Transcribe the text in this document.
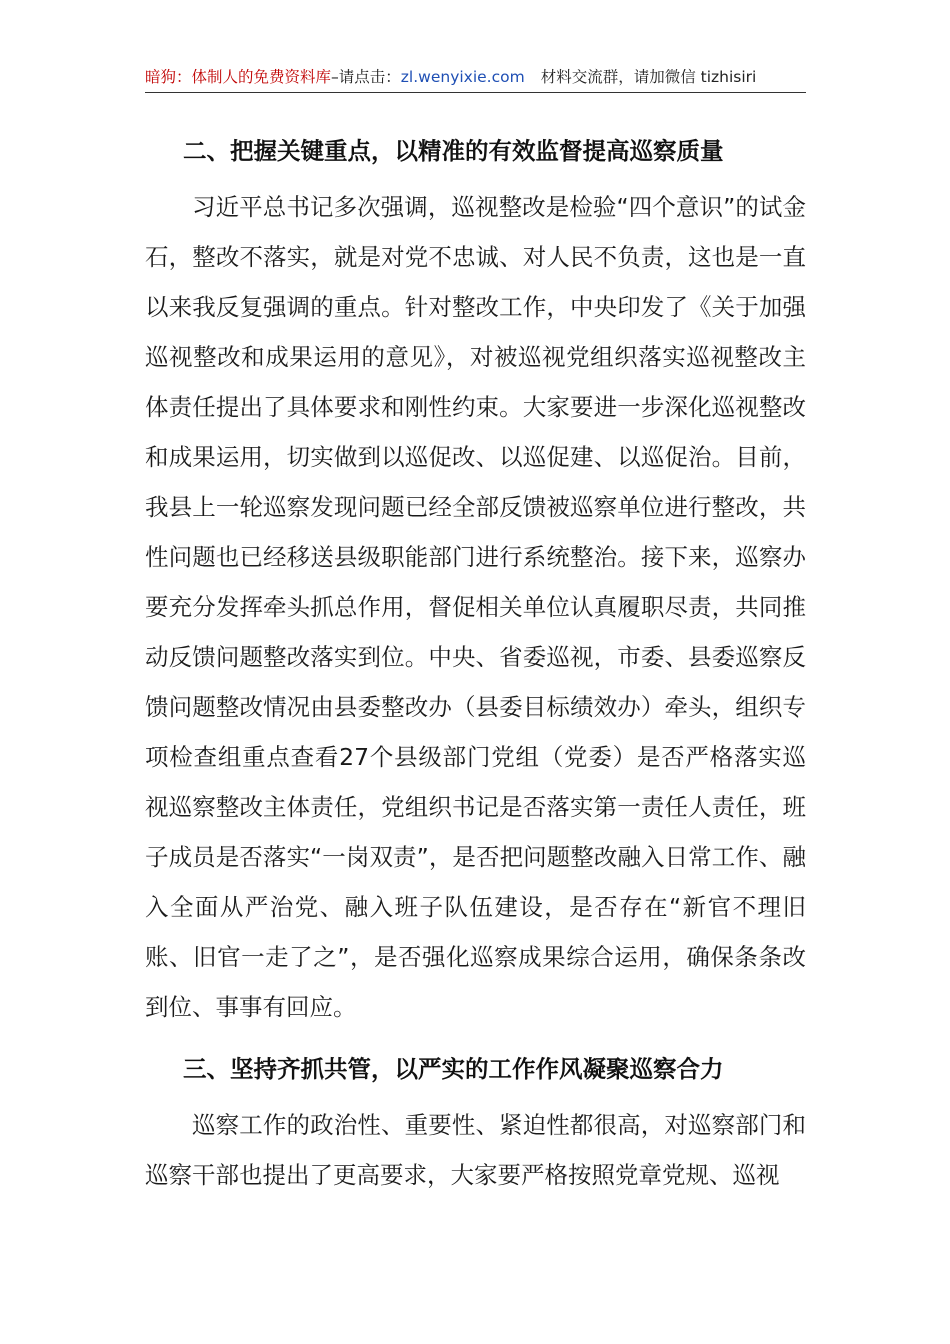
暗狗：体制人的免费资料库–请点击：zl.wenyixie.com 材料交流群，请加微信 tizhisiri
二、把握关键重点，以精准的有效监督提高巡察质量

习近平总书记多次强调，巡视整改是检验“四个意识”的试金石，整改不落实，就是对党不忠诚、对人民不负责，这也是一直以来我反复强调的重点。针对整改工作，中央印发了《关于加强巡视整改和成果运用的意见》，对被巡视党组织落实巡视整改主体责任提出了具体要求和刚性约束。大家要进一步深化巡视整改和成果运用，切实做到以巡促改、以巡促建、以巡促治。目前，我县上一轮巡察发现问题已经全部反馈被巡察单位进行整改，共性问题也已经移送县级职能部门进行系统整治。接下来，巡察办要充分发挥牵头抓总作用，督促相关单位认真履职尽责，共同推动反馈问题整改落实到位。中央、省委巡视，市委、县委巡察反馈问题整改情况由县委整改办（县委目标绩效办）牵头，组织专项检查组重点查看27个县级部门党组（党委）是否严格落实巡视巡察整改主体责任，党组织书记是否落实第一责任人责任，班子成员是否落实“一岗双责”，是否把问题整改融入日常工作、融入全面从严治党、融入班子队伍建设，是否存在“新官不理旧账、旧官一走了之”，是否强化巡察成果综合运用，确保条条改到位、事事有回应。

三、坚持齐抓共管，以严实的工作作风凝聚巡察合力

巡察工作的政治性、重要性、紧迫性都很高，对巡察部门和巡察干部也提出了更高要求，大家要严格按照党章党规、巡视
